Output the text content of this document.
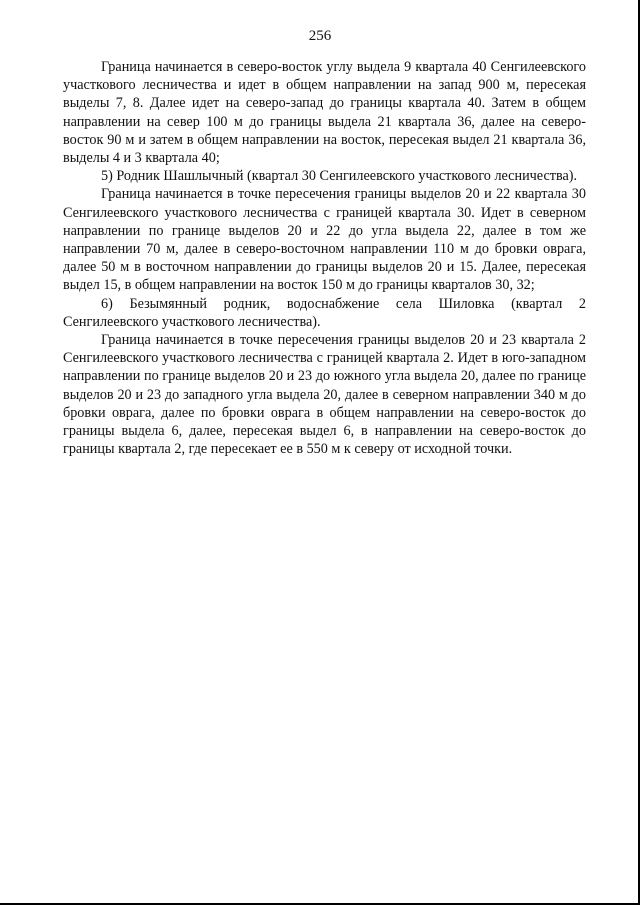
256

Граница начинается в северо-восток углу выдела 9 квартала 40 Сенгилеевского участкового лесничества и идет в общем направлении на запад 900 м, пересекая выделы 7, 8. Далее идет на северо-запад до границы квартала 40. Затем в общем направлении на север 100 м до границы выдела 21 квартала 36, далее на северо-восток 90 м и затем в общем направлении на восток, пересекая выдел 21 квартала 36, выделы 4 и 3 квартала 40;

5) Родник Шашлычный (квартал 30 Сенгилеевского участкового лесничества).

Граница начинается в точке пересечения границы выделов 20 и 22 квартала 30 Сенгилеевского участкового лесничества с границей квартала 30. Идет в северном направлении по границе выделов 20 и 22 до угла выдела 22, далее в том же направлении 70 м, далее в северо-восточном направлении 110 м до бровки оврага, далее 50 м в восточном направлении до границы выделов 20 и 15. Далее, пересекая выдел 15, в общем направлении на восток 150 м до границы кварталов 30, 32;

6) Безымянный родник, водоснабжение села Шиловка (квартал 2 Сенгилеевского участкового лесничества).

Граница начинается в точке пересечения границы выделов 20 и 23 квартала 2 Сенгилеевского участкового лесничества с границей квартала 2. Идет в юго-западном направлении по границе выделов 20 и 23 до южного угла выдела 20, далее по границе выделов 20 и 23 до западного угла выдела 20, далее в северном направлении 340 м до бровки оврага, далее по бровки оврага в общем направлении на северо-восток до границы выдела 6, далее, пересекая выдел 6, в направлении на северо-восток до границы квартала 2, где пересекает ее в 550 м к северу от исходной точки.
